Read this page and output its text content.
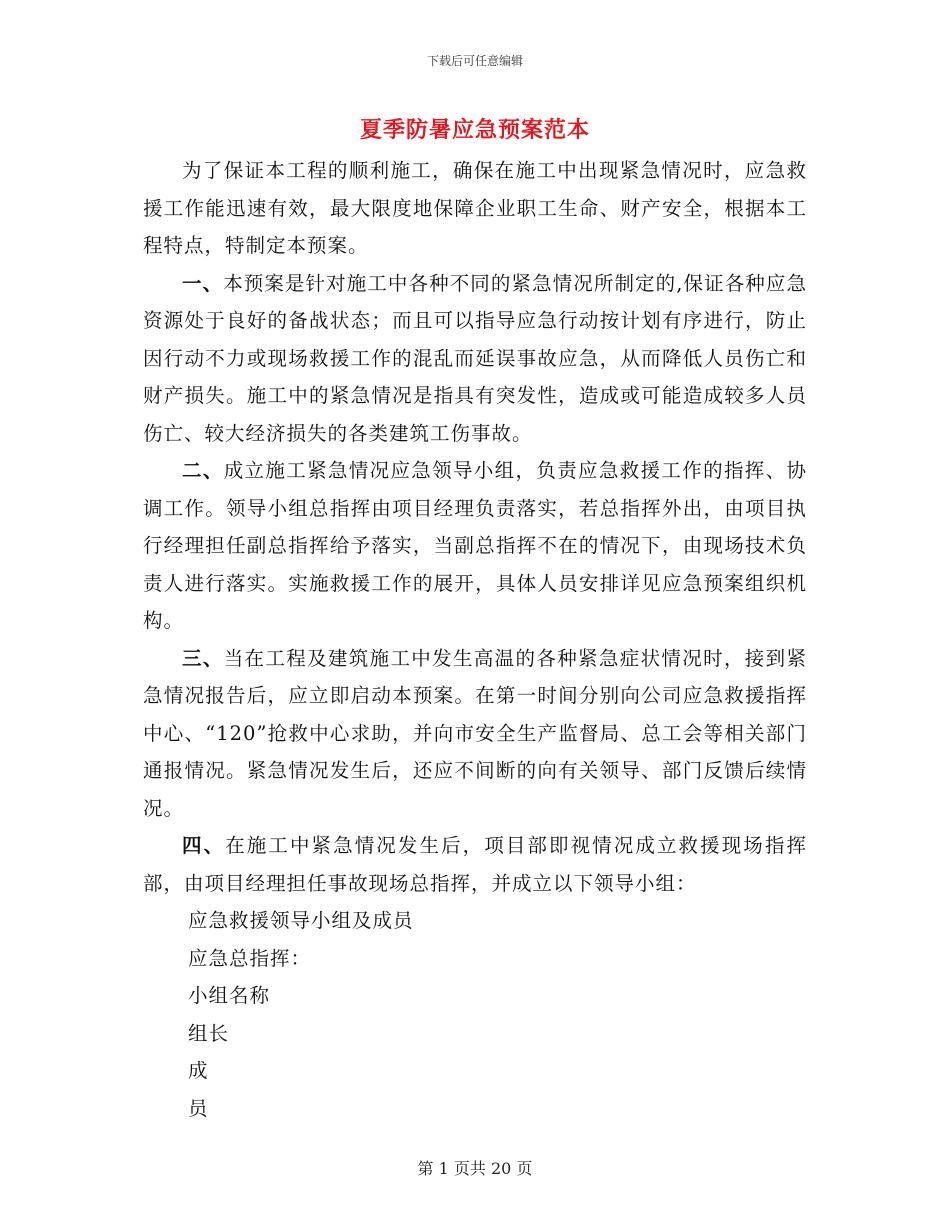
下载后可任意编辑
夏季防暑应急预案范本

为了保证本工程的顺利施工，确保在施工中出现紧急情况时，应急救援工作能迅速有效，最大限度地保障企业职工生命、财产安全，根据本工程特点，特制定本预案。

一、本预案是针对施工中各种不同的紧急情况所制定的,保证各种应急资源处于良好的备战状态；而且可以指导应急行动按计划有序进行，防止因行动不力或现场救援工作的混乱而延误事故应急，从而降低人员伤亡和财产损失。施工中的紧急情况是指具有突发性，造成或可能造成较多人员伤亡、较大经济损失的各类建筑工伤事故。

二、成立施工紧急情况应急领导小组，负责应急救援工作的指挥、协调工作。领导小组总指挥由项目经理负责落实，若总指挥外出，由项目执行经理担任副总指挥给予落实，当副总指挥不在的情况下，由现场技术负责人进行落实。实施救援工作的展开，具体人员安排详见应急预案组织机构。

三、当在工程及建筑施工中发生高温的各种紧急症状情况时，接到紧急情况报告后，应立即启动本预案。在第一时间分别向公司应急救援指挥中心、“120”抢救中心求助，并向市安全生产监督局、总工会等相关部门通报情况。紧急情况发生后，还应不间断的向有关领导、部门反馈后续情况。

四、在施工中紧急情况发生后，项目部即视情况成立救援现场指挥部，由项目经理担任事故现场总指挥，并成立以下领导小组：

应急救援领导小组及成员

应急总指挥：

小组名称

组长

成

员

第 1 页共 20 页
